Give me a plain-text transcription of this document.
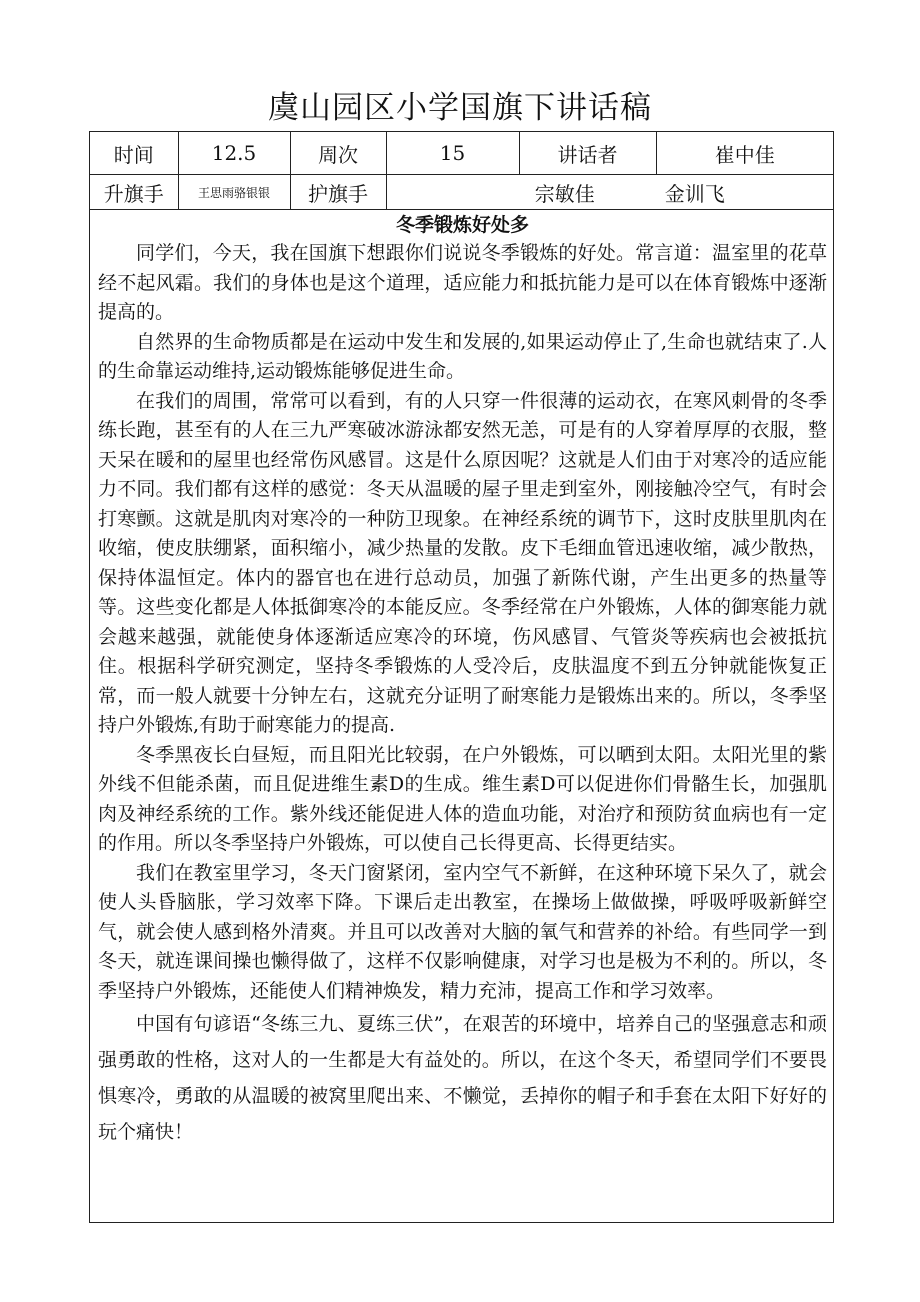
虞山园区小学国旗下讲话稿
时间	12.5	周次	15	讲话者	崔中佳
升旗手	王思雨骆银银	护旗手	宗敏佳 金训飞		
冬季锻炼好处多

同学们，今天，我在国旗下想跟你们说说冬季锻炼的好处。常言道：温室里的花草经不起风霜。我们的身体也是这个道理，适应能力和抵抗能力是可以在体育锻炼中逐渐提高的。

自然界的生命物质都是在运动中发生和发展的,如果运动停止了,生命也就结束了.人的生命靠运动维持,运动锻炼能够促进生命。

在我们的周围，常常可以看到，有的人只穿一件很薄的运动衣，在寒风刺骨的冬季练长跑，甚至有的人在三九严寒破冰游泳都安然无恙，可是有的人穿着厚厚的衣服，整天呆在暖和的屋里也经常伤风感冒。这是什么原因呢？这就是人们由于对寒冷的适应能力不同。我们都有这样的感觉：冬天从温暖的屋子里走到室外，刚接触冷空气，有时会打寒颤。这就是肌肉对寒冷的一种防卫现象。在神经系统的调节下，这时皮肤里肌肉在收缩，使皮肤绷紧，面积缩小，减少热量的发散。皮下毛细血管迅速收缩，减少散热，保持体温恒定。体内的器官也在进行总动员，加强了新陈代谢，产生出更多的热量等等。这些变化都是人体抵御寒冷的本能反应。冬季经常在户外锻炼，人体的御寒能力就会越来越强，就能使身体逐渐适应寒冷的环境，伤风感冒、气管炎等疾病也会被抵抗住。根据科学研究测定，坚持冬季锻炼的人受冷后，皮肤温度不到五分钟就能恢复正常，而一般人就要十分钟左右，这就充分证明了耐寒能力是锻炼出来的。所以，冬季坚持户外锻炼,有助于耐寒能力的提高.

冬季黑夜长白昼短，而且阳光比较弱，在户外锻炼，可以晒到太阳。太阳光里的紫外线不但能杀菌，而且促进维生素D的生成。维生素D可以促进你们骨骼生长，加强肌肉及神经系统的工作。紫外线还能促进人体的造血功能，对治疗和预防贫血病也有一定的作用。所以冬季坚持户外锻炼，可以使自己长得更高、长得更结实。

我们在教室里学习，冬天门窗紧闭，室内空气不新鲜，在这种环境下呆久了，就会使人头昏脑胀，学习效率下降。下课后走出教室，在操场上做做操，呼吸呼吸新鲜空气，就会使人感到格外清爽。并且可以改善对大脑的氧气和营养的补给。有些同学一到冬天，就连课间操也懒得做了，这样不仅影响健康，对学习也是极为不利的。所以，冬季坚持户外锻炼，还能使人们精神焕发，精力充沛，提高工作和学习效率。

中国有句谚语“冬练三九、夏练三伏”，在艰苦的环境中，培养自己的坚强意志和顽强勇敢的性格，这对人的一生都是大有益处的。所以，在这个冬天，希望同学们不要畏惧寒冷，勇敢的从温暖的被窝里爬出来、不懒觉，丢掉你的帽子和手套在太阳下好好的玩个痛快！
